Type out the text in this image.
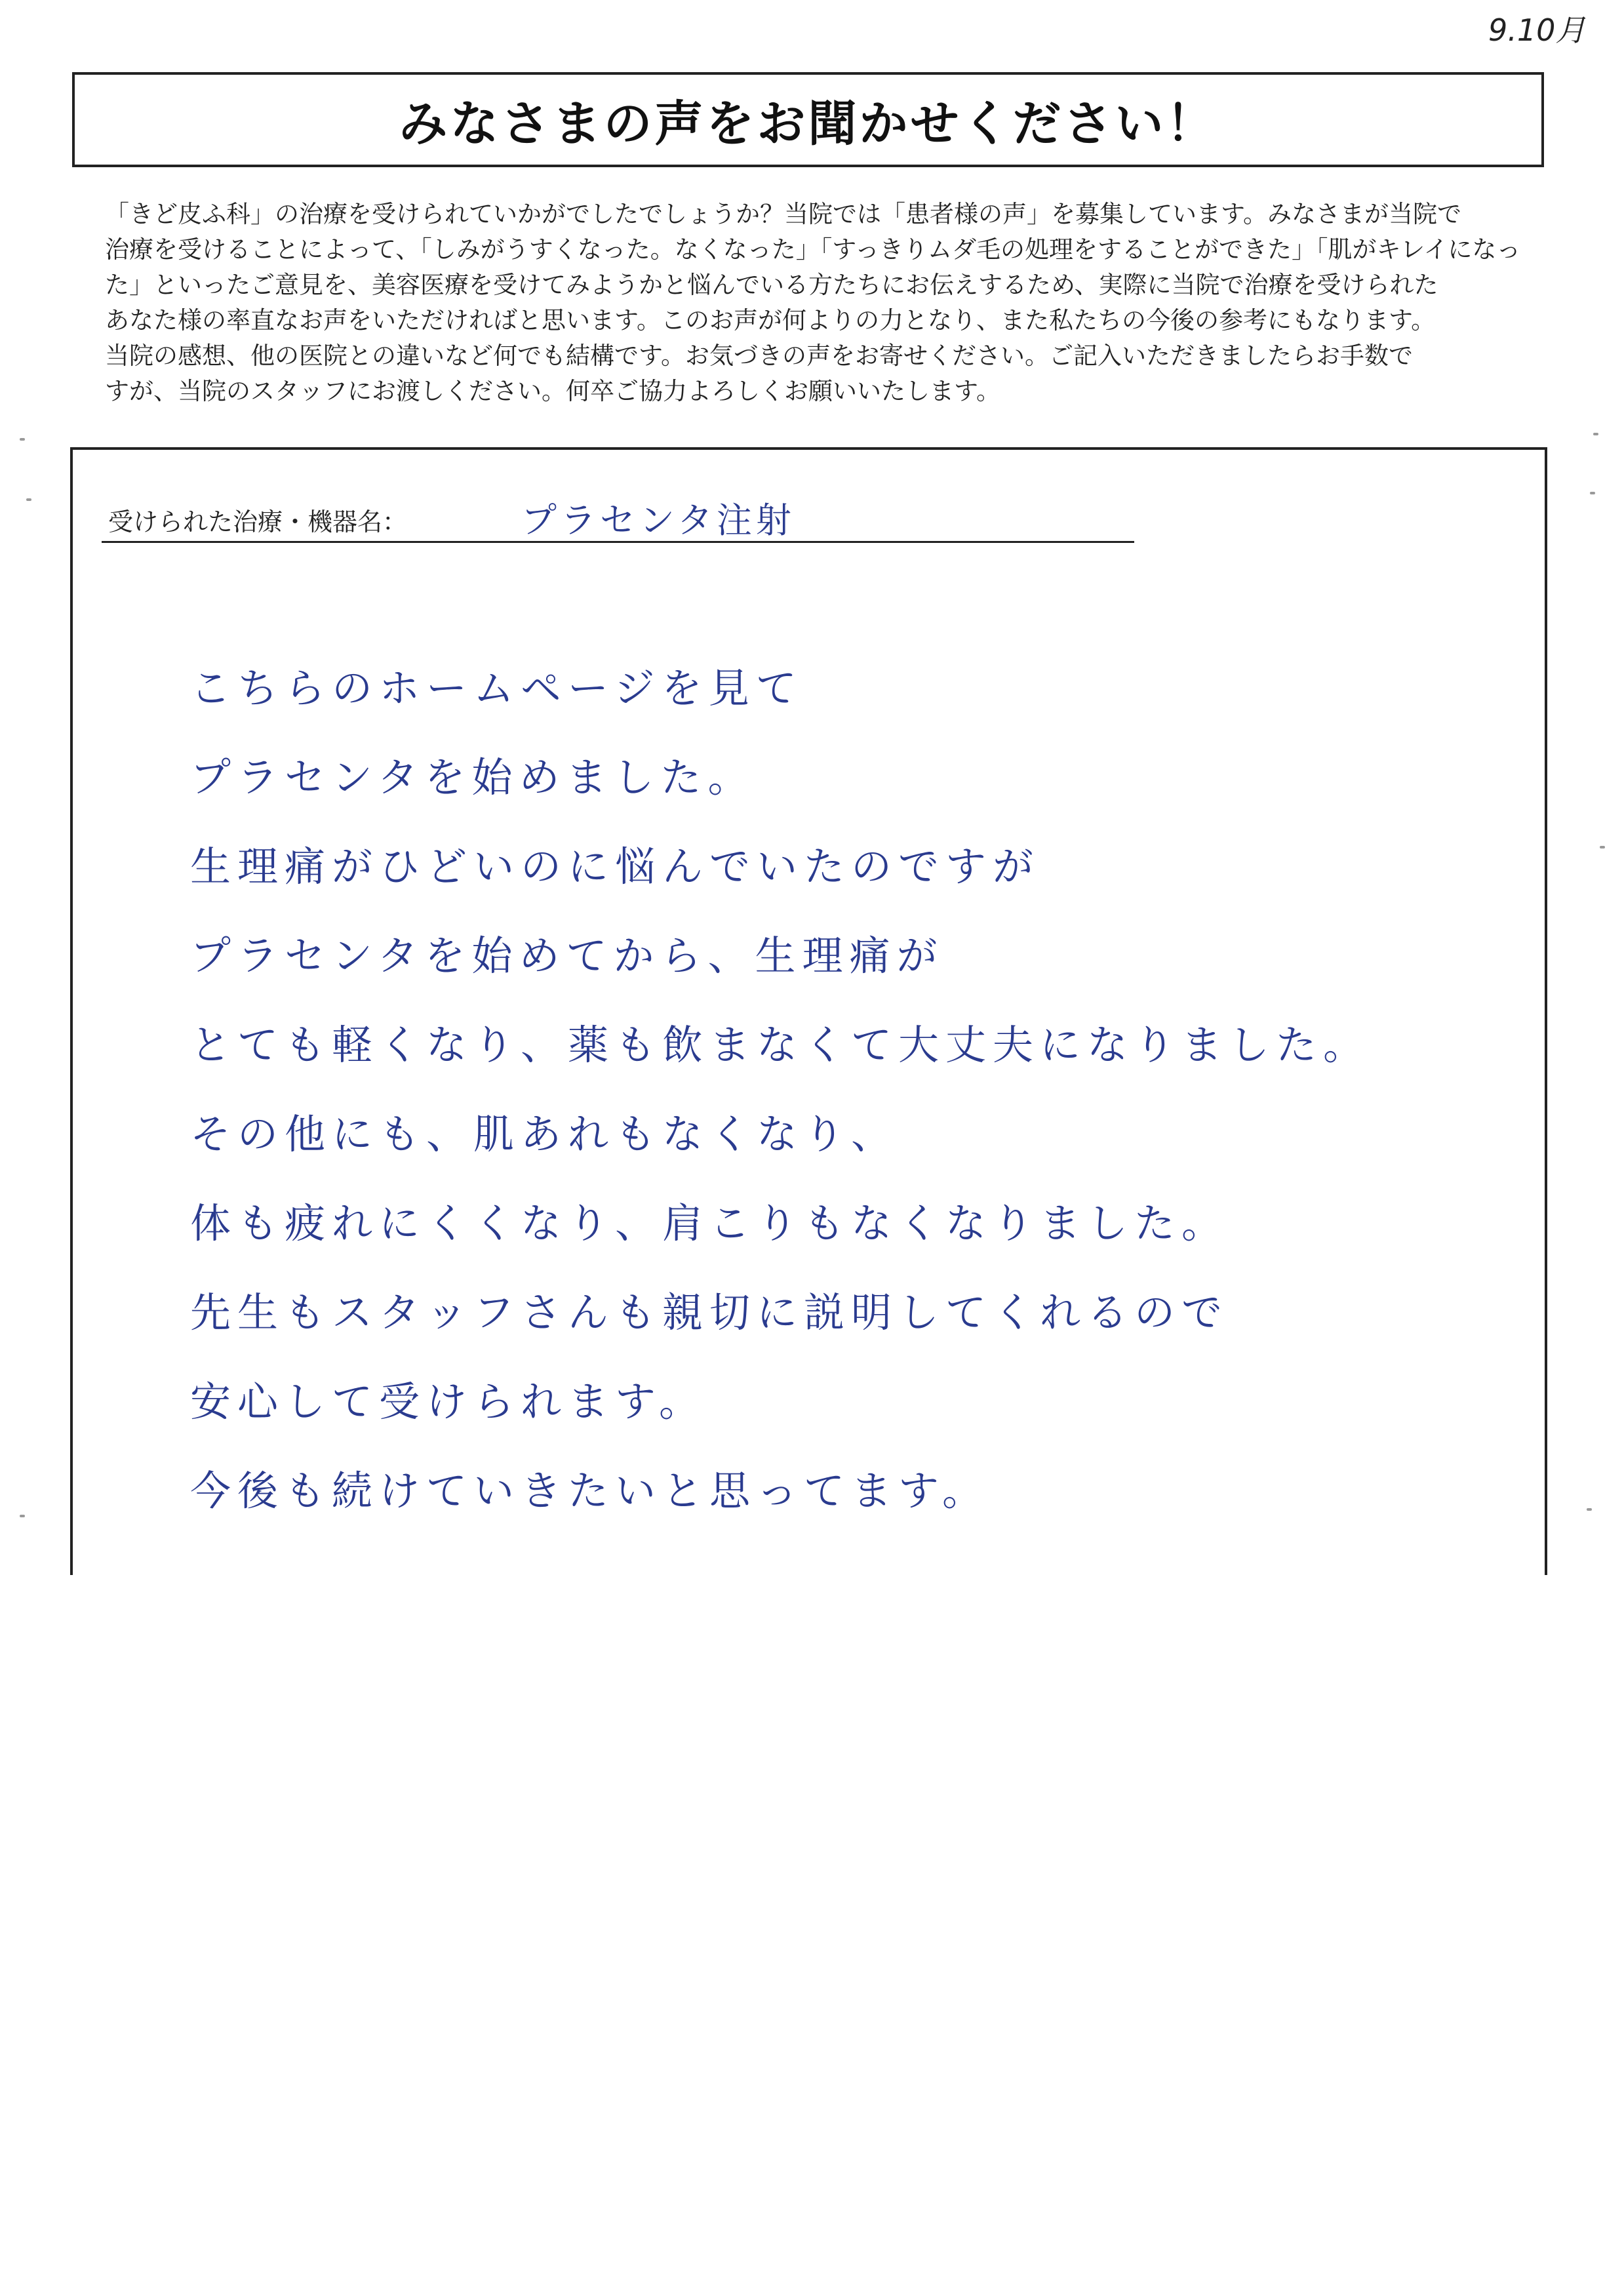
9.10月
みなさまの声をお聞かせください！
「きど皮ふ科」の治療を受けられていかがでしたでしょうか？当院では「患者様の声」を募集しています。みなさまが当院で
治療を受けることによって、「しみがうすくなった。なくなった」「すっきりムダ毛の処理をすることができた」「肌がキレイになっ
た」といったご意見を、美容医療を受けてみようかと悩んでいる方たちにお伝えするため、実際に当院で治療を受けられた
あなた様の率直なお声をいただければと思います。このお声が何よりの力となり、また私たちの今後の参考にもなります。
当院の感想、他の医院との違いなど何でも結構です。お気づきの声をお寄せください。ご記入いただきましたらお手数で
すが、当院のスタッフにお渡しください。何卒ご協力よろしくお願いいたします。
受けられた治療・機器名：	プラセンタ注射
こちらのホームページを見て
プラセンタを始めました。
生理痛がひどいのに悩んでいたのですが
プラセンタを始めてから、生理痛が
とても軽くなり、薬も飲まなくて大丈夫になりました。
その他にも、肌あれもなくなり、
体も疲れにくくなり、肩こりもなくなりました。
先生もスタッフさんも親切に説明してくれるので
安心して受けられます。
今後も続けていきたいと思ってます。
